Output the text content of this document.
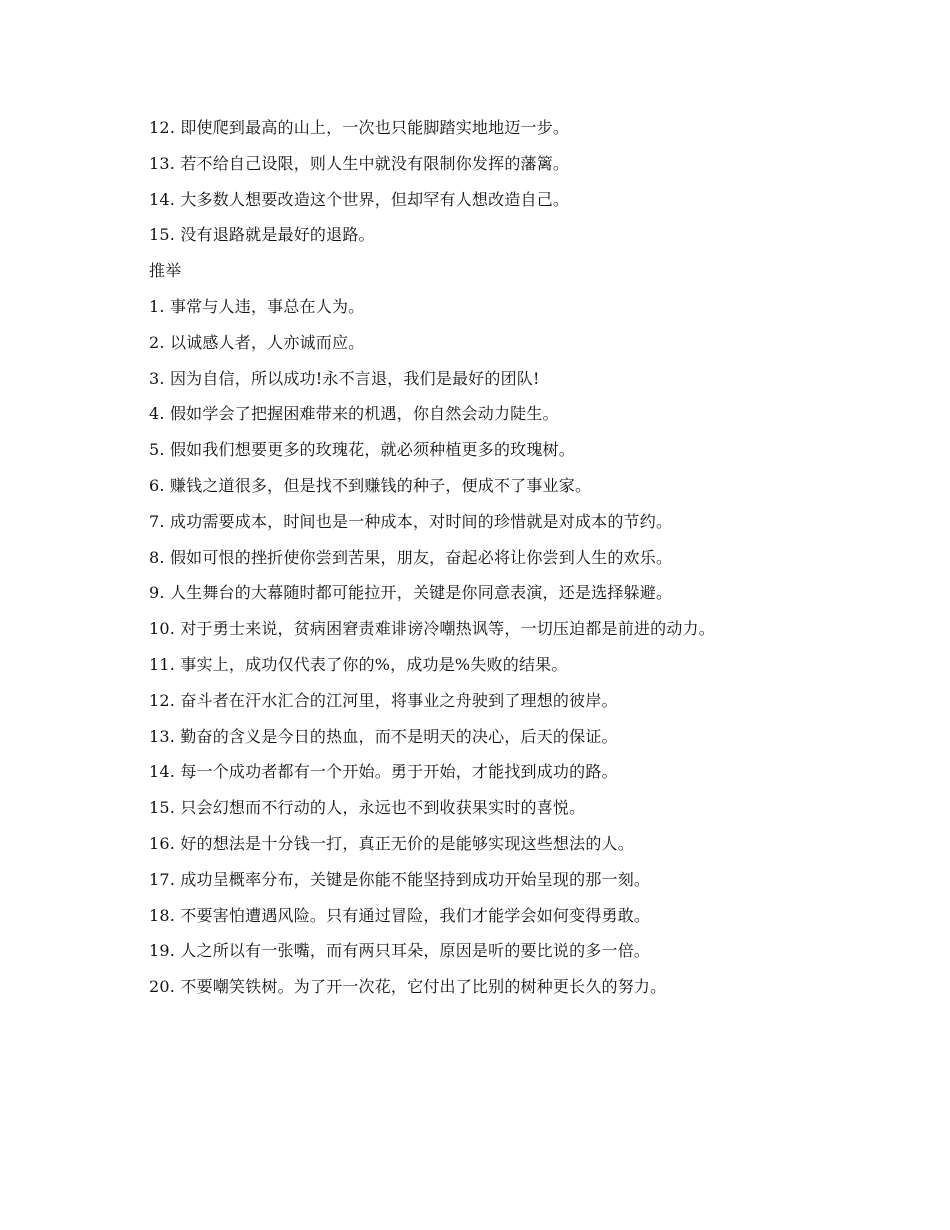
12. 即使爬到最高的山上，一次也只能脚踏实地地迈一步。
13. 若不给自己设限，则人生中就没有限制你发挥的藩篱。
14. 大多数人想要改造这个世界，但却罕有人想改造自己。
15. 没有退路就是最好的退路。
推举
1. 事常与人违，事总在人为。
2. 以诚感人者，人亦诚而应。
3. 因为自信，所以成功!永不言退，我们是最好的团队!
4. 假如学会了把握困难带来的机遇，你自然会动力陡生。
5. 假如我们想要更多的玫瑰花，就必须种植更多的玫瑰树。
6. 赚钱之道很多，但是找不到赚钱的种子，便成不了事业家。
7. 成功需要成本，时间也是一种成本，对时间的珍惜就是对成本的节约。
8. 假如可恨的挫折使你尝到苦果，朋友，奋起必将让你尝到人生的欢乐。
9. 人生舞台的大幕随时都可能拉开，关键是你同意表演，还是选择躲避。
10. 对于勇士来说，贫病困窘责难诽谤冷嘲热讽等，一切压迫都是前进的动力。
11. 事实上，成功仅代表了你的%，成功是%失败的结果。
12. 奋斗者在汗水汇合的江河里，将事业之舟驶到了理想的彼岸。
13. 勤奋的含义是今日的热血，而不是明天的决心，后天的保证。
14. 每一个成功者都有一个开始。勇于开始，才能找到成功的路。
15. 只会幻想而不行动的人，永远也不到收获果实时的喜悦。
16. 好的想法是十分钱一打，真正无价的是能够实现这些想法的人。
17. 成功呈概率分布，关键是你能不能坚持到成功开始呈现的那一刻。
18. 不要害怕遭遇风险。只有通过冒险，我们才能学会如何变得勇敢。
19. 人之所以有一张嘴，而有两只耳朵，原因是听的要比说的多一倍。
20. 不要嘲笑铁树。为了开一次花，它付出了比别的树种更长久的努力。
